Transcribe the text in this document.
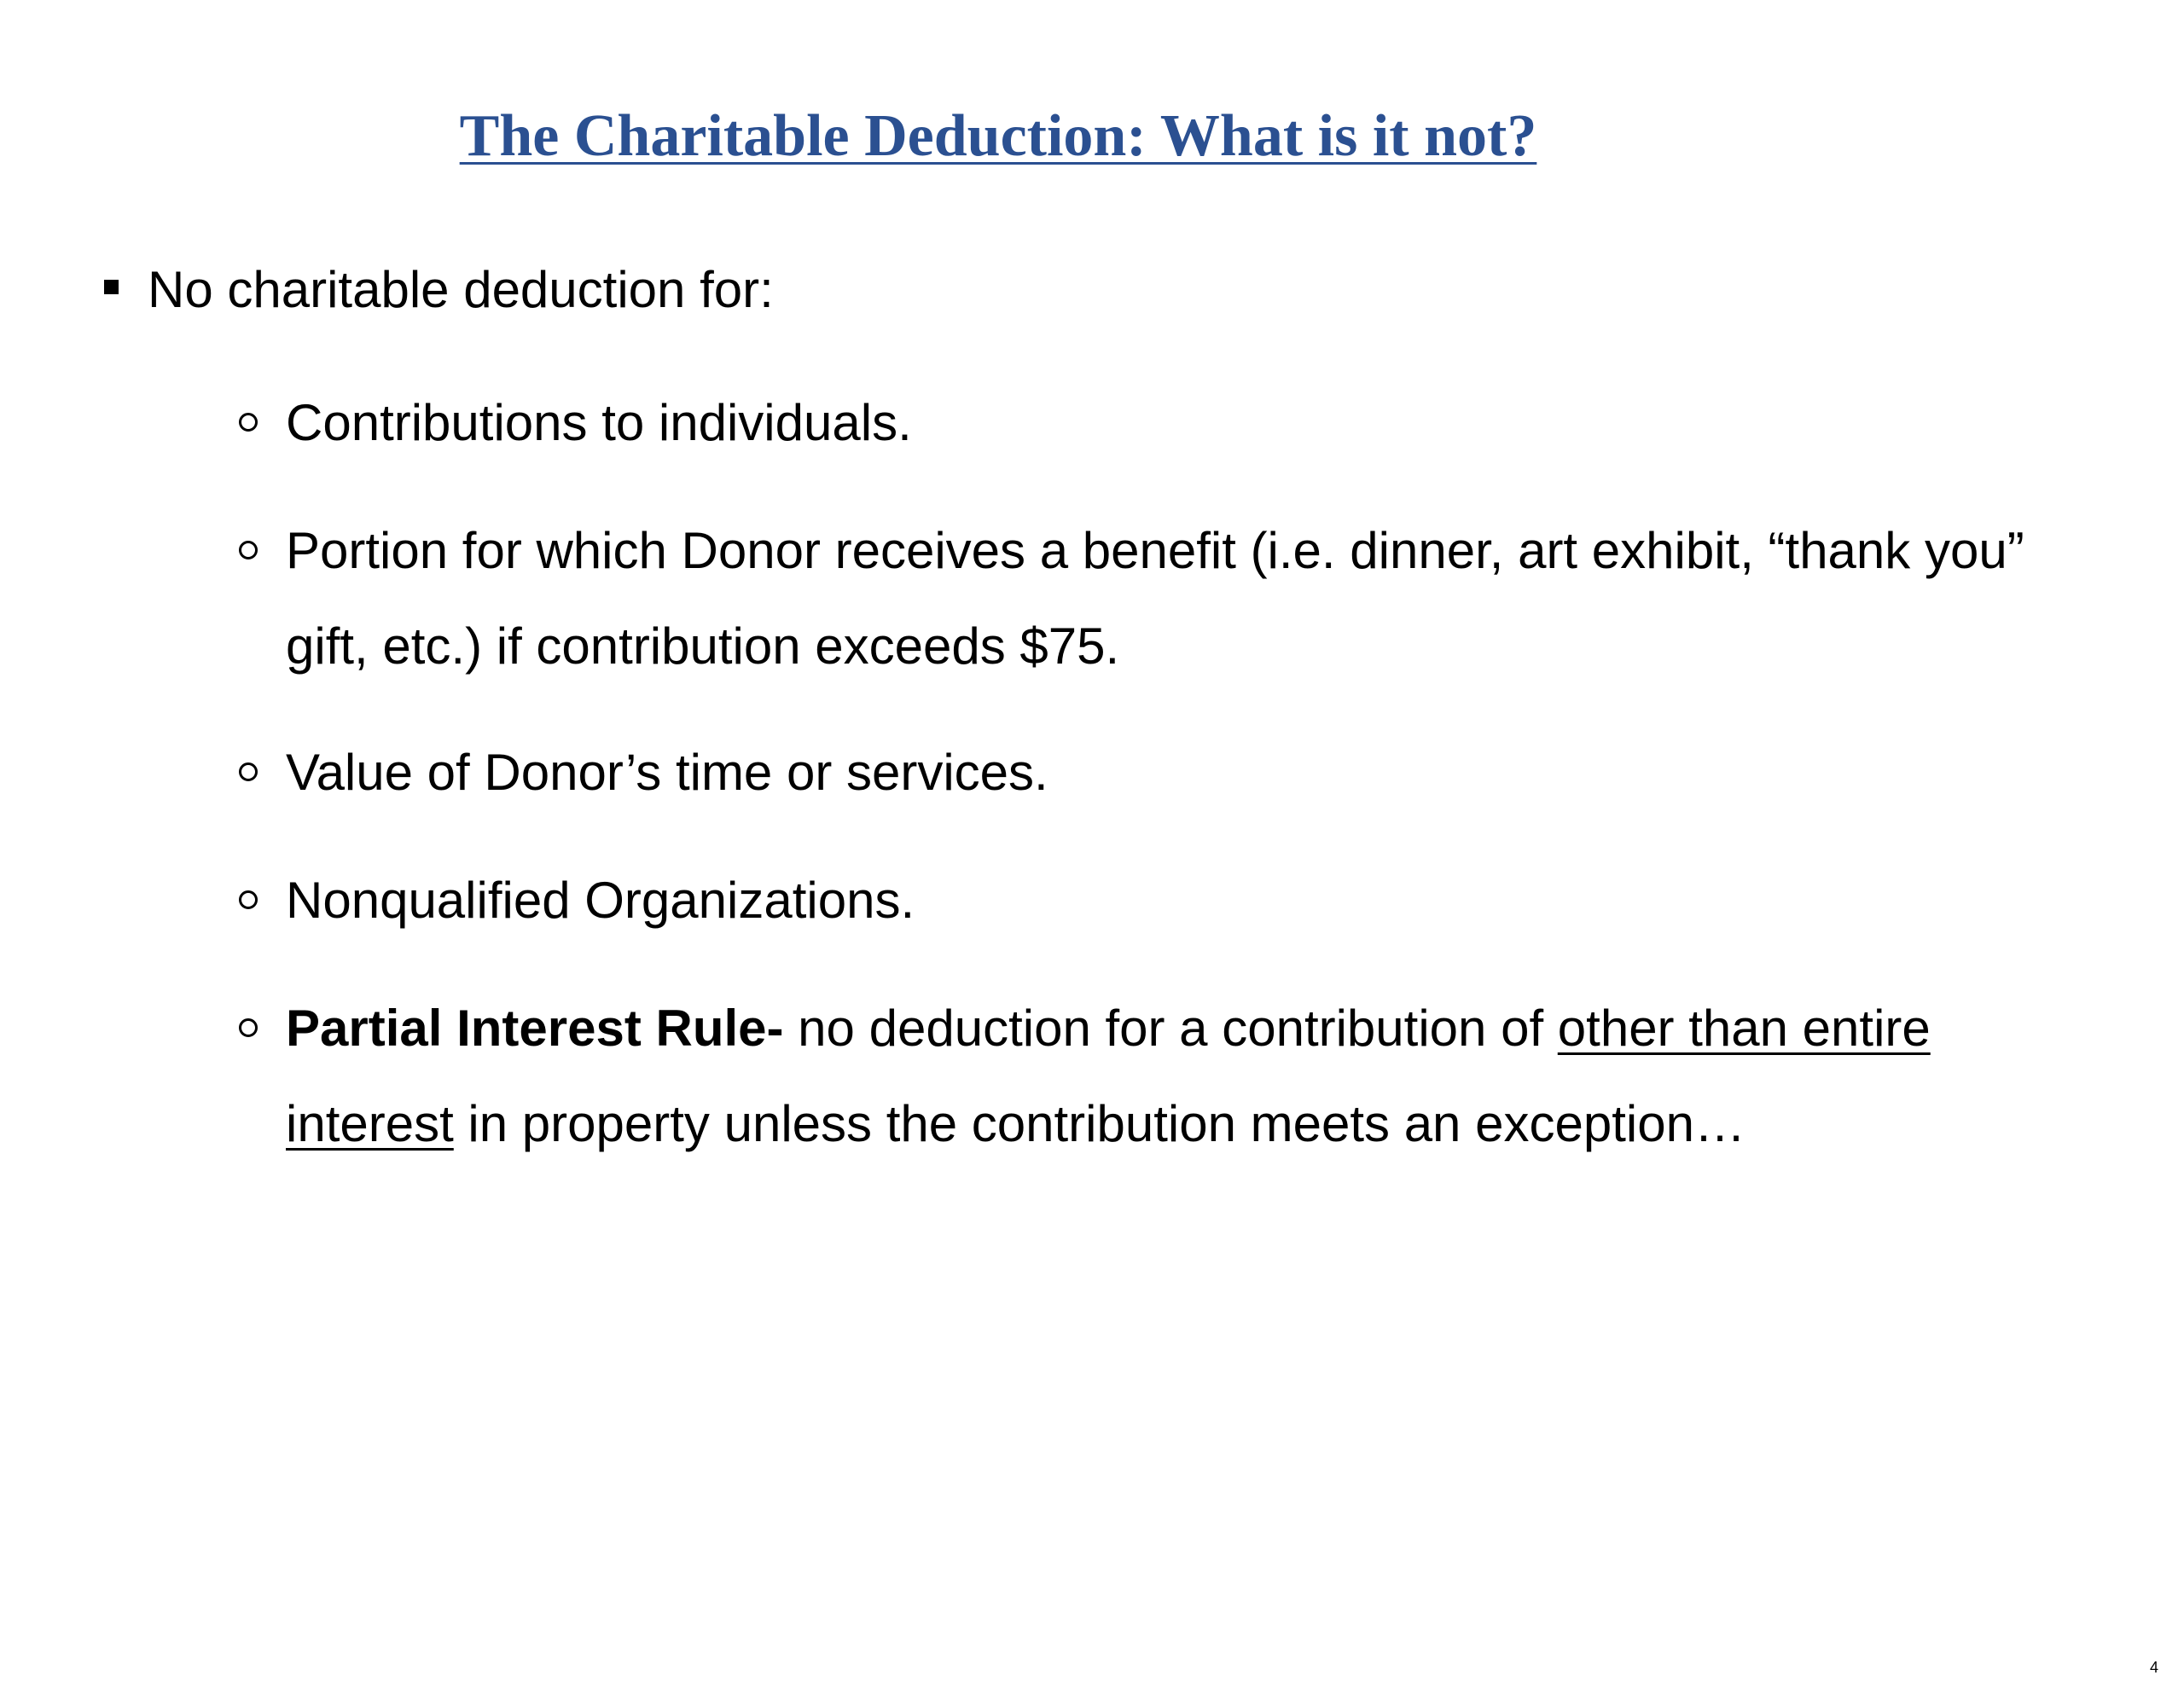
The Charitable Deduction: What is it not?
No charitable deduction for:
Contributions to individuals.
Portion for which Donor receives a benefit (i.e. dinner, art exhibit, “thank you” gift, etc.) if contribution exceeds $75.
Value of Donor’s time or services.
Nonqualified Organizations.
Partial Interest Rule- no deduction for a contribution of other than entire interest in property unless the contribution meets an exception…
4
